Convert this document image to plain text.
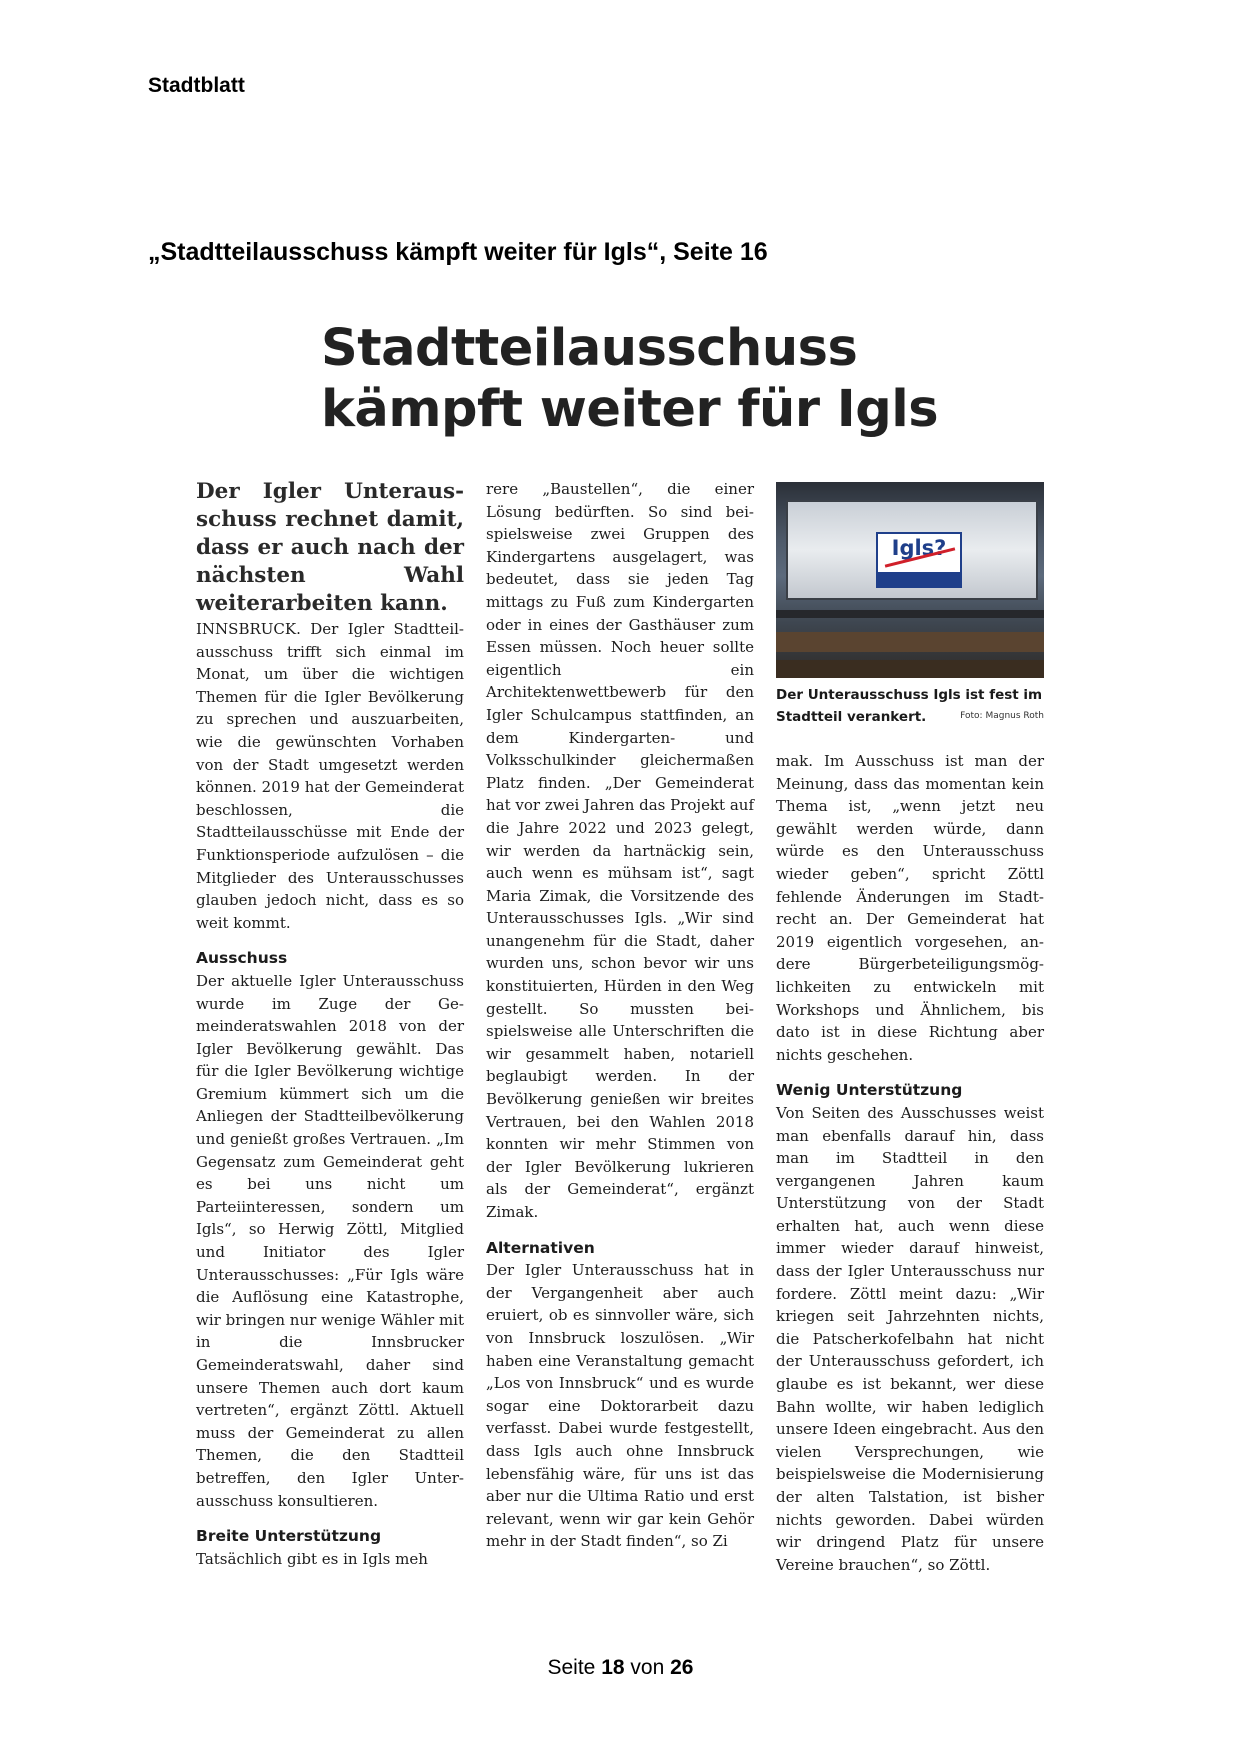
Stadtblatt
„Stadtteilausschuss kämpft weiter für Igls“, Seite 16
Stadtteilausschuss
kämpft weiter für Igls

Der Igler Unterausschuss rechnet damit, dass er auch nach der nächsten Wahl weiterarbeiten kann.

INNSBRUCK. Der Igler Stadtteilausschuss trifft sich einmal im Monat, um über die wichtigen Themen für die Igler Bevölkerung zu sprechen und auszuarbeiten, wie die gewünschten Vorhaben von der Stadt umgesetzt werden können. 2019 hat der Gemeinderat beschlossen, die Stadtteilausschüsse mit Ende der Funktionsperiode aufzulösen – die Mitglieder des Unterausschusses glauben jedoch nicht, dass es so weit kommt.

Ausschuss

Der aktuelle Igler Unterausschuss wurde im Zuge der Gemeinderatswahlen 2018 von der Igler Bevölkerung gewählt. Das für die Igler Bevölkerung wichtige Gremium kümmert sich um die Anliegen der Stadtteilbevölkerung und genießt großes Vertrauen. „Im Gegensatz zum Gemeinderat geht es bei uns nicht um Parteiinteressen, sondern um Igls“, so Herwig Zöttl, Mitglied und Initiator des Igler Unterausschusses: „Für Igls wäre die Auflösung eine Katastrophe, wir bringen nur wenige Wähler mit in die Innsbrucker Gemeinderatswahl, daher sind unsere Themen auch dort kaum vertreten“, ergänzt Zöttl. Aktuell muss der Gemeinderat zu allen Themen, die den Stadtteil betreffen, den Igler Unterausschuss konsultieren.

Breite Unterstützung

Tatsächlich gibt es in Igls meh

rere „Baustellen“, die einer Lösung bedürften. So sind beispielsweise zwei Gruppen des Kindergartens ausgelagert, was bedeutet, dass sie jeden Tag mittags zu Fuß zum Kindergarten oder in eines der Gasthäuser zum Essen müssen. Noch heuer sollte eigentlich ein Architektenwettbewerb für den Igler Schulcampus stattfinden, an dem Kindergarten- und Volksschulkinder gleichermaßen Platz finden. „Der Gemeinderat hat vor zwei Jahren das Projekt auf die Jahre 2022 und 2023 gelegt, wir werden da hartnäckig sein, auch wenn es mühsam ist“, sagt Maria Zimak, die Vorsitzende des Unterausschusses Igls. „Wir sind unangenehm für die Stadt, daher wurden uns, schon bevor wir uns konstituierten, Hürden in den Weg gestellt. So mussten beispielsweise alle Unterschriften die wir gesammelt haben, notariell beglaubigt werden. In der Bevölkerung genießen wir breites Vertrauen, bei den Wahlen 2018 konnten wir mehr Stimmen von der Igler Bevölkerung lukrieren als der Gemeinderat“, ergänzt Zimak.

Alternativen

Der Igler Unterausschuss hat in der Vergangenheit aber auch eruiert, ob es sinnvoller wäre, sich von Innsbruck loszulösen. „Wir haben eine Veranstaltung gemacht „Los von Innsbruck“ und es wurde sogar eine Doktorarbeit dazu verfasst. Dabei wurde festgestellt, dass Igls auch ohne Innsbruck lebensfähig wäre, für uns ist das aber nur die Ultima Ratio und erst relevant, wenn wir gar kein Gehör mehr in der Stadt finden“, so Zi

Igls?
Der Unterausschuss Igls ist fest im Stadtteil verankert.	Foto: Magnus Roth

mak. Im Ausschuss ist man der Meinung, dass das momentan kein Thema ist, „wenn jetzt neu gewählt werden würde, dann würde es den Unterausschuss wieder geben“, spricht Zöttl fehlende Änderungen im Stadtrecht an. Der Gemeinderat hat 2019 eigentlich vorgesehen, andere Bürgerbeteiligungsmöglichkeiten zu entwickeln mit Workshops und Ähnlichem, bis dato ist in diese Richtung aber nichts geschehen.

Wenig Unterstützung

Von Seiten des Ausschusses weist man ebenfalls darauf hin, dass man im Stadtteil in den vergangenen Jahren kaum Unterstützung von der Stadt erhalten hat, auch wenn diese immer wieder darauf hinweist, dass der Igler Unterausschuss nur fordere. Zöttl meint dazu: „Wir kriegen seit Jahrzehnten nichts, die Patscherkofelbahn hat nicht der Unterausschuss gefordert, ich glaube es ist bekannt, wer diese Bahn wollte, wir haben lediglich unsere Ideen eingebracht. Aus den vielen Versprechungen, wie beispielsweise die Modernisierung der alten Talstation, ist bisher nichts geworden. Dabei würden wir dringend Platz für unsere Vereine brauchen“, so Zöttl.

Seite 18 von 26
